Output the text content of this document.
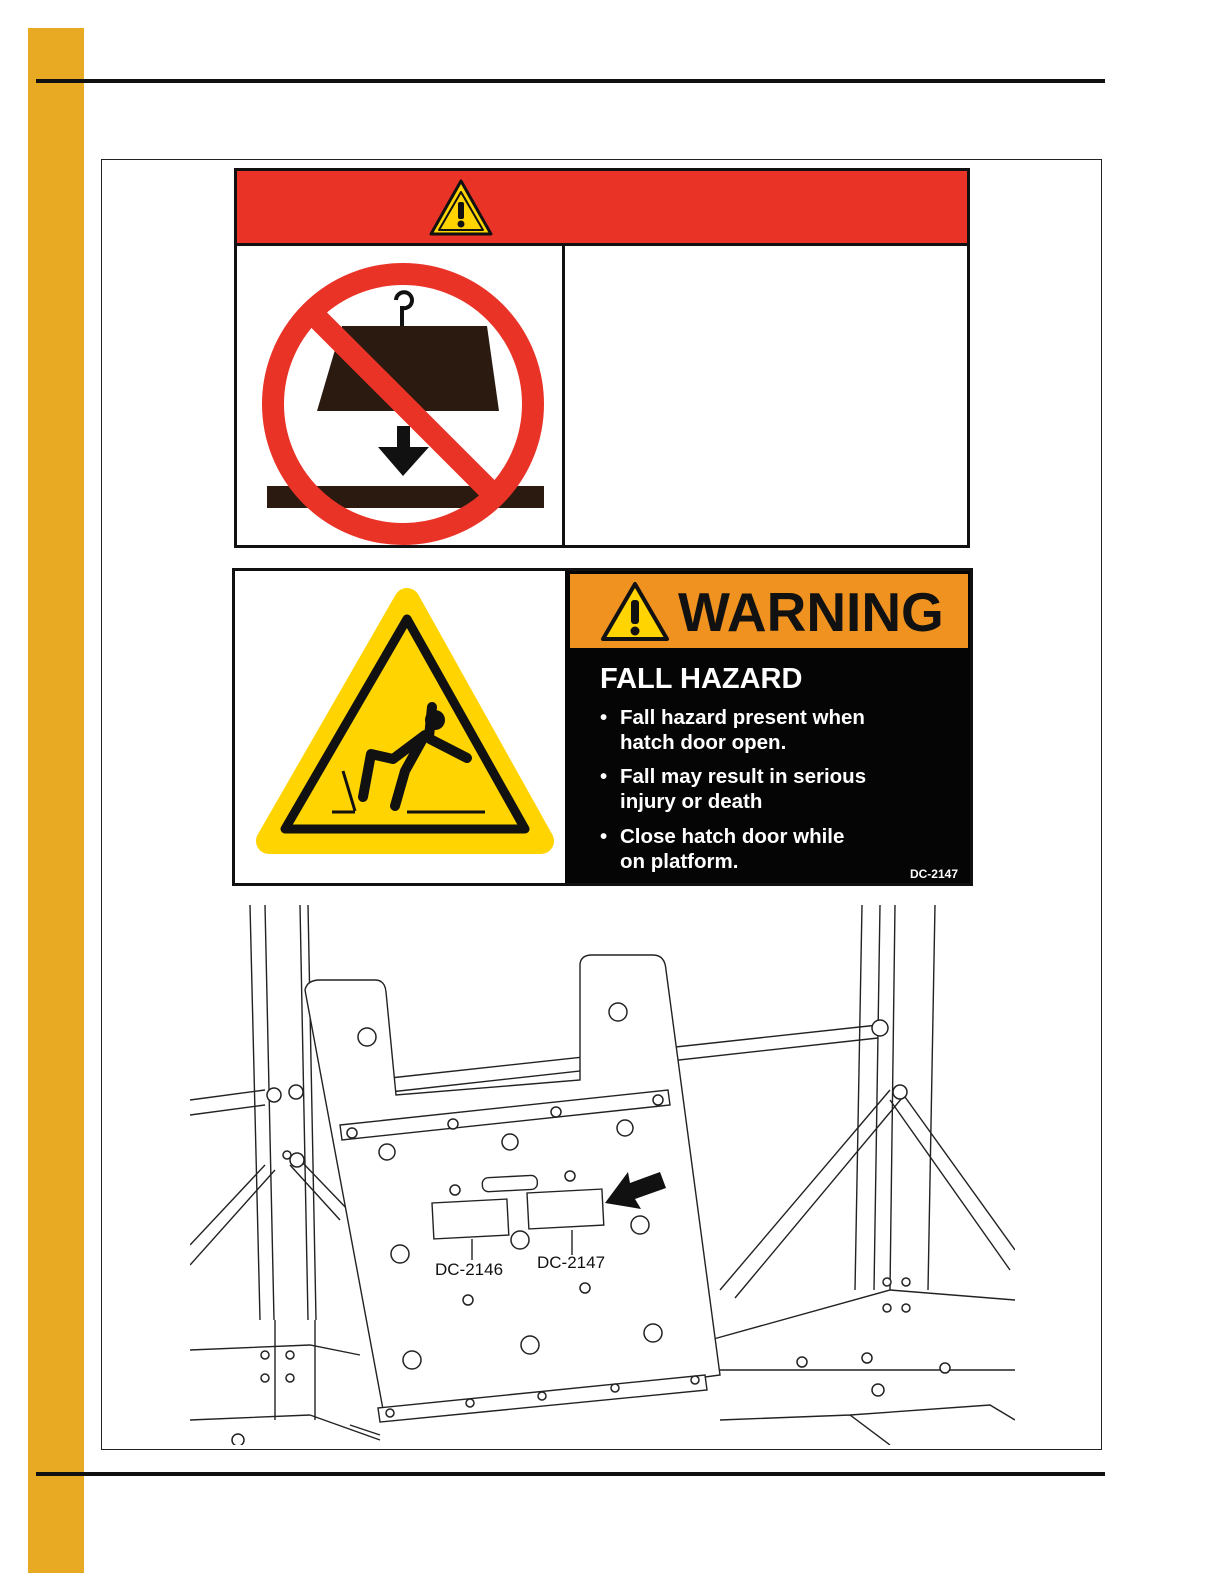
WARNING
FALL HAZARD
• Fall hazard present when
hatch door open.
• Fall may result in serious
injury or death
• Close hatch door while
on platform.
DC-2147
DC-2146 DC-2147
